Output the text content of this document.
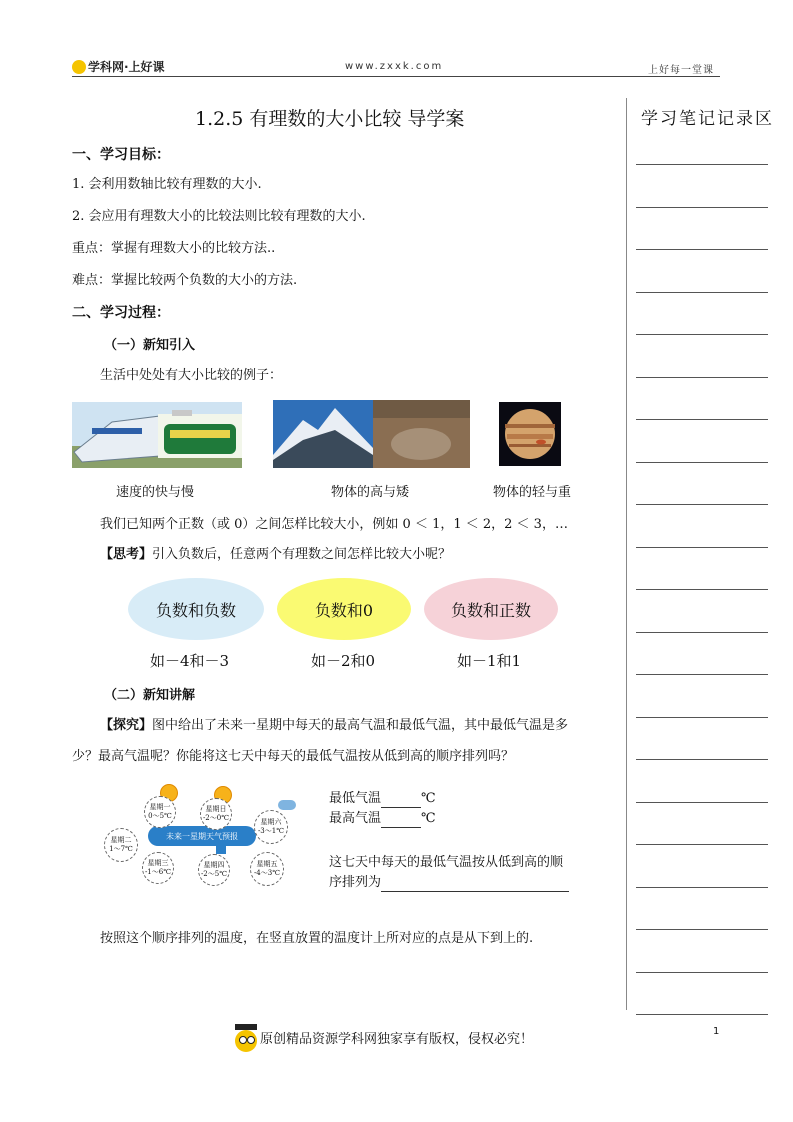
学科网·上好课	www.zxxk.com	上好每一堂课
1.2.5 有理数的大小比较 导学案	学习笔记记录区
一、学习目标：
1. 会利用数轴比较有理数的大小.
2. 会应用有理数大小的比较法则比较有理数的大小.
重点：掌握有理数大小的比较方法..
难点：掌握比较两个负数的大小的方法.
二、学习过程：
（一）新知引入
生活中处处有大小比较的例子：
速度的快与慢	物体的高与矮	物体的轻与重
我们已知两个正数（或 0）之间怎样比较大小，例如 0 ＜ 1，1 ＜ 2，2 ＜ 3，…
【思考】引入负数后，任意两个有理数之间怎样比较大小呢？
负数和负数	负数和0	负数和正数
如－4和－3	如－2和0	如－1和1
（二）新知讲解
【探究】图中给出了未来一星期中每天的最高气温和最低气温，其中最低气温是多
少？最高气温呢？你能将这七天中每天的最低气温按从低到高的顺序排列吗？
未来一星期天气预报
星期一
0～5℃
星期日
-2～0℃	星期六
-3～1℃
星期二
1～7℃
星期三
-1～6℃
星期四
-2～5℃
星期五
-4～3℃
最低气温	℃
最高气温	℃
这七天中每天的最低气温按从低到高的顺
序排列为
按照这个顺序排列的温度，在竖直放置的温度计上所对应的点是从下到上的.
1
原创精品资源学科网独家享有版权，侵权必究！
